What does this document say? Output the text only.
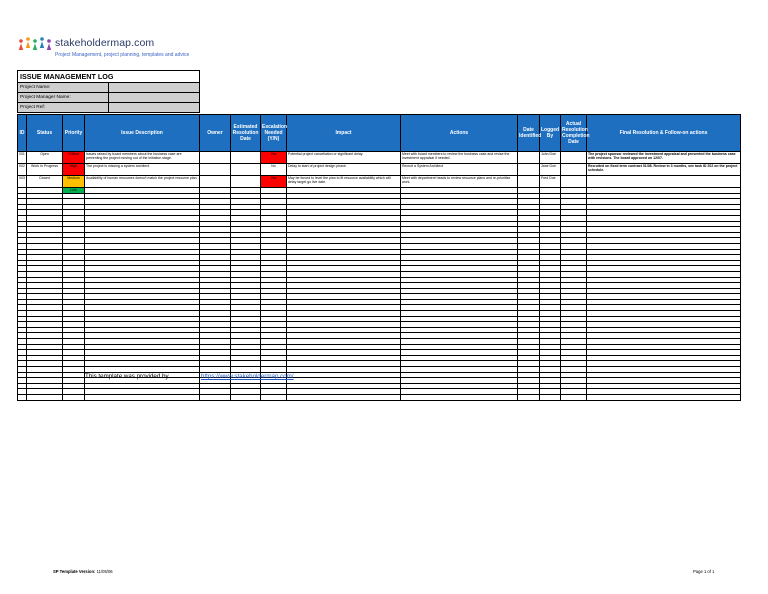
stakeholdermap.com
Project Management, project planning, templates and advice
ISSUE MANAGEMENT LOG	
Project Name:	
Project Manager Name:	
Project Ref:	
ID	Status	Priority	Issue Description	Owner	Estimated Resolution Date	Escalation Needed (Y/N)	Impact	Actions	Date Identified	Logged By	Actual Resolution Completion Date	Final Resolution & Follow-on actions
001	Open	Critical	Issues raised by board members about the business case are preventing the project moving out of the initiation stage.			Yes	Potential project cancellation or significant delay.	Meet with board members to review the business case and revise the investment appraisal if needed.		John Doe		The project sponsor reviewed the investment appraisal and presented the business case with revisions. The board approved on 12/07.
002	Work In Progress	High	The project is missing a system architect.			No	Delay to start of project design phase.	Recruit a System Architect		Jane Doe		Recruited on fixed term contract 01/08. Review in 3 months, see task ID 202 on the project schedule.
003	Closed	Medium	Availability of human resources doesn't match the project resource plan.			Yes	May be forced to level the plan to fit resource availability which will delay target go live date.	Meet with department heads to review resource plans and re-prioritise work.		Fred Doe		
		Low										

This template was provided by	https://www.stakeholdermap.com/
SP Template Version: 11/05/06	Page 1 of 1
